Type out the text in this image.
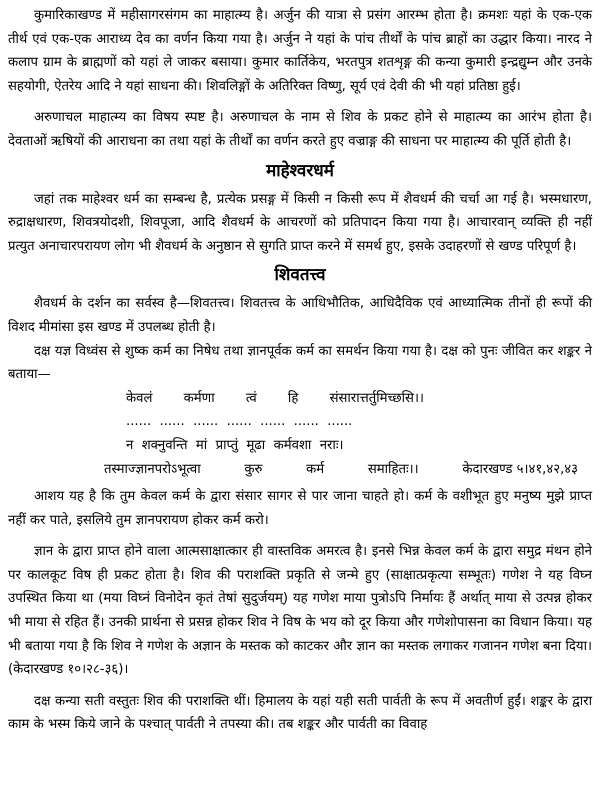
कुमारिकाखण्ड में महीसागरसंगम का माहात्म्य है। अर्जुन की यात्रा से प्रसंग आरम्भ होता है। क्रमशः यहां के एक-एक तीर्थ एवं एक-एक आराध्य देव का वर्णन किया गया है। अर्जुन ने यहां के पांच तीर्थों के पांच ब्राहों का उद्धार किया। नारद ने कलाप ग्राम के ब्राह्मणों को यहां ले जाकर बसाया। कुमार कार्तिकेय, भरतपुत्र शतशृङ्ग की कन्या कुमारी इन्द्रद्युम्न और उनके सहयोगी, ऐतरेय आदि ने यहां साधना की। शिवलिङ्गों के अतिरिक्त विष्णु, सूर्य एवं देवी की भी यहां प्रतिष्ठा हुई।

अरुणाचल माहात्म्य का विषय स्पष्ट है। अरुणाचल के नाम से शिव के प्रकट होने से माहात्म्य का आरंभ होता है। देवताओं ऋषियों की आराधना का तथा यहां के तीर्थों का वर्णन करते हुए वज्राङ्ग की साधना पर माहात्म्य की पूर्ति होती है।

माहेश्वरधर्म

जहां तक माहेश्वर धर्म का सम्बन्ध है, प्रत्येक प्रसङ्ग में किसी न किसी रूप में शैवधर्म की चर्चा आ गई है। भस्मधारण, रुद्राक्षधारण, शिवत्रयोदशी, शिवपूजा, आदि शैवधर्म के आचरणों को प्रतिपादन किया गया है। आचारवान् व्यक्ति ही नहीं प्रत्युत अनाचारपरायण लोग भी शैवधर्म के अनुष्ठान से सुगति प्राप्त करने में समर्थ हुए, इसके उदाहरणों से खण्ड परिपूर्ण है।

शिवतत्त्व

शैवधर्म के दर्शन का सर्वस्व है—शिवतत्त्व। शिवतत्त्व के आधिभौतिक, आधिदैविक एवं आध्यात्मिक तीनों ही रूपों की विशद मीमांसा इस खण्ड में उपलब्ध होती है।

दक्ष यज्ञ विध्वंस से शुष्क कर्म का निषेध तथा ज्ञानपूर्वक कर्म का समर्थन किया गया है। दक्ष को पुनः जीवित कर शङ्कर ने बताया—

केवलं कर्मणा त्वं हि संसारात्तर्तुमिच्छसि।।
......  ......  ......  ......  ......  ......  ......
न  शक्नुवन्ति  मां  प्राप्तुं  मूढा  कर्मवशा  नराः।
तस्माज्ज्ञानपरोऽभूत्वा	कुरु	कर्म	समाहितः।।	केदारखण्ड ५।४१,४२,४३

आशय यह है कि तुम केवल कर्म के द्वारा संसार सागर से पार जाना चाहते हो। कर्म के वशीभूत हुए मनुष्य मुझे प्राप्त नहीं कर पाते, इसलिये तुम ज्ञानपरायण होकर कर्म करो।

ज्ञान के द्वारा प्राप्त होने वाला आत्मसाक्षात्कार ही वास्तविक अमरत्व है। इनसे भिन्न केवल कर्म के द्वारा समुद्र मंथन होने पर कालकूट विष ही प्रकट होता है। शिव की पराशक्ति प्रकृति से जन्मे हुए (साक्षात्प्रकृत्या सम्भूतः) गणेश ने यह विघ्न उपस्थित किया था (मया विघ्नं विनोदेन कृतं तेषां सुदुर्जयम्) यह गणेश माया पुत्रोऽपि निर्मायः हैं अर्थात् माया से उत्पन्न होकर भी माया से रहित हैं। उनकी प्रार्थना से प्रसन्न होकर शिव ने विष के भय को दूर किया और गणेशोपासना का विधान किया। यह भी बताया गया है कि शिव ने गणेश के अज्ञान के मस्तक को काटकर और ज्ञान का मस्तक लगाकर गजानन गणेश बना दिया। (केदारखण्ड १०।२८-३६)।

दक्ष कन्या सती वस्तुतः शिव की पराशक्ति थीं। हिमालय के यहां यही सती पार्वती के रूप में अवतीर्ण हुईं। शङ्कर के द्वारा काम के भस्म किये जाने के पश्चात् पार्वती ने तपस्या की। तब शङ्कर और पार्वती का विवाह
